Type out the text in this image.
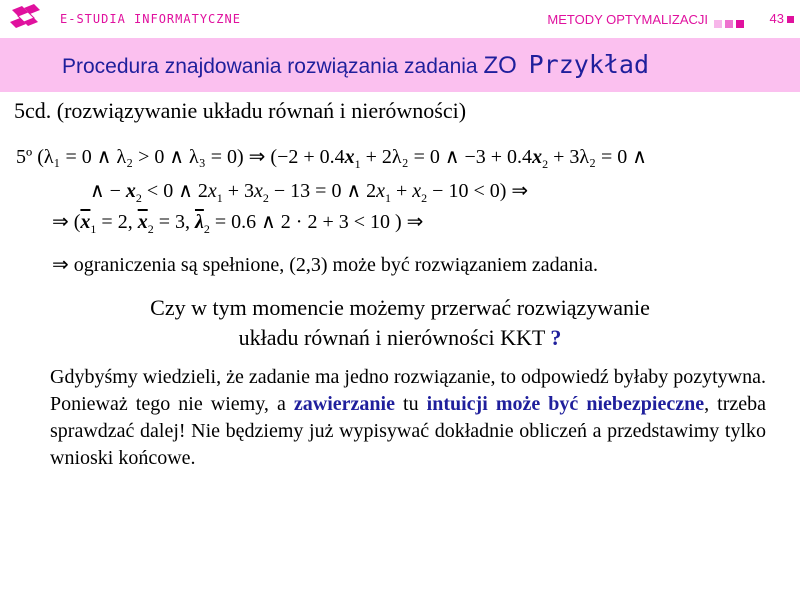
E-STUDIA INFORMATYCZNE	METODY OPTYMALIZACJI	43
Procedura znajdowania rozwiązania zadania ZO Przykład
5cd. (rozwiązywanie układu równań i nierówności)
5º (λ₁ = 0 ∧ λ₂ > 0 ∧ λ₃ = 0) ⇒ ($-2 + 0.4x_1 + 2\lambda_2 = 0$ ∧ $-3 + 0.4x_2 + 3\lambda_2 = 0$ ∧
∧ − $x_2 < 0$ ∧ $2x_1 + 3x_2 - 13 = 0$ ∧ $2x_1 + x_2 - 10 < 0$) ⇒
⇒ ($\overline{x}_1 = 2$, $\overline{x}_2 = 3$, $\overline{\lambda}_2 = 0.6$ ∧ 2 · 2 + 3 < 10 ) ⇒
⇒ ograniczenia są spełnione, (2,3) może być rozwiązaniem zadania.
Czy w tym momencie możemy przerwać rozwiązywanie
układu równań i nierówności KKT ?
Gdybyśmy wiedzieli, że zadanie ma jedno rozwiązanie, to odpowiedź byłaby pozytywna. Ponieważ tego nie wiemy, a zawierzanie tu intuicji może być niebezpieczne, trzeba sprawdzać dalej! Nie będziemy już wypisywać dokładnie obliczeń a przedstawimy tylko wnioski końcowe.
